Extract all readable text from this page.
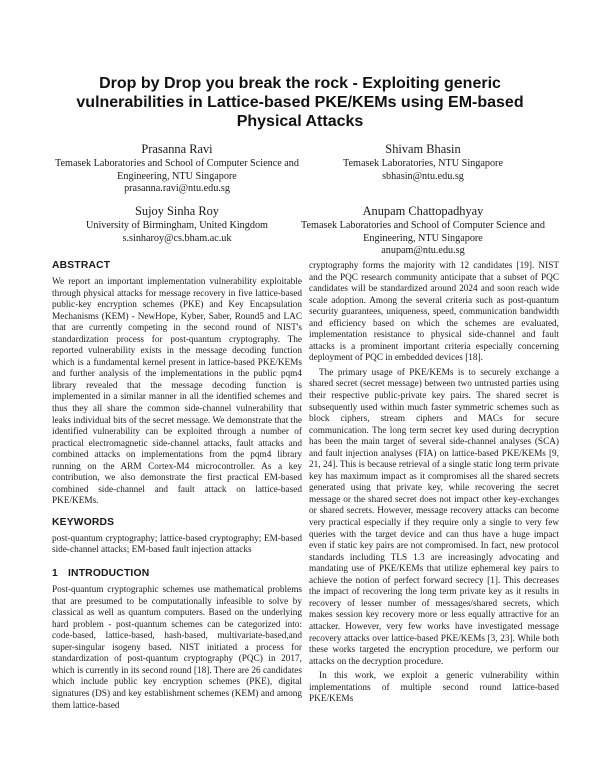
Drop by Drop you break the rock - Exploiting generic vulnerabilities in Lattice-based PKE/KEMs using EM-based Physical Attacks
Prasanna Ravi
Temasek Laboratories and School of Computer Science and Engineering, NTU Singapore
prasanna.ravi@ntu.edu.sg
Shivam Bhasin
Temasek Laboratories, NTU Singapore
sbhasin@ntu.edu.sg
Sujoy Sinha Roy
University of Birmingham, United Kingdom
s.sinharoy@cs.bham.ac.uk
Anupam Chattopadhyay
Temasek Laboratories and School of Computer Science and Engineering, NTU Singapore
anupam@ntu.edu.sg
ABSTRACT

We report an important implementation vulnerability exploitable through physical attacks for message recovery in five lattice-based public-key encryption schemes (PKE) and Key Encapsulation Mechanisms (KEM) - NewHope, Kyber, Saber, Round5 and LAC that are currently competing in the second round of NIST's standardization process for post-quantum cryptography. The reported vulnerability exists in the message decoding function which is a fundamental kernel present in lattice-based PKE/KEMs and further analysis of the implementations in the public pqm4 library revealed that the message decoding function is implemented in a similar manner in all the identified schemes and thus they all share the common side-channel vulnerability that leaks individual bits of the secret message. We demonstrate that the identified vulnerability can be exploited through a number of practical electromagnetic side-channel attacks, fault attacks and combined attacks on implementations from the pqm4 library running on the ARM Cortex-M4 microcontroller. As a key contribution, we also demonstrate the first practical EM-based combined side-channel and fault attack on lattice-based PKE/KEMs.

KEYWORDS

post-quantum cryptography; lattice-based cryptography; EM-based side-channel attacks; EM-based fault injection attacks

1 INTRODUCTION

Post-quantum cryptographic schemes use mathematical problems that are presumed to be computationally infeasible to solve by classical as well as quantum computers. Based on the underlying hard problem - post-quantum schemes can be categorized into: code-based, lattice-based, hash-based, multivariate-based,and super-singular isogeny based. NIST initiated a process for standardization of post-quantum cryptography (PQC) in 2017, which is currently in its second round [18]. There are 26 candidates which include public key encryption schemes (PKE), digital signatures (DS) and key establishment schemes (KEM) and among them lattice-based

cryptography forms the majority with 12 candidates [19]. NIST and the PQC research community anticipate that a subset of PQC candidates will be standardized around 2024 and soon reach wide scale adoption. Among the several criteria such as post-quantum security guarantees, uniqueness, speed, communication bandwidth and efficiency based on which the schemes are evaluated, implementation resistance to physical side-channel and fault attacks is a prominent important criteria especially concerning deployment of PQC in embedded devices [18].

The primary usage of PKE/KEMs is to securely exchange a shared secret (secret message) between two untrusted parties using their respective public-private key pairs. The shared secret is subsequently used within much faster symmetric schemes such as block ciphers, stream ciphers and MACs for secure communication. The long term secret key used during decryption has been the main target of several side-channel analyses (SCA) and fault injection analyses (FIA) on lattice-based PKE/KEMs [9, 21, 24]. This is because retrieval of a single static long term private key has maximum impact as it compromises all the shared secrets generated using that private key, while recovering the secret message or the shared secret does not impact other key-exchanges or shared secrets. However, message recovery attacks can become very practical especially if they require only a single to very few queries with the target device and can thus have a huge impact even if static key pairs are not compromised. In fact, new protocol standards including TLS 1.3 are increasingly advocating and mandating use of PKE/KEMs that utilize ephemeral key pairs to achieve the notion of perfect forward secrecy [1]. This decreases the impact of recovering the long term private key as it results in recovery of lesser number of messages/shared secrets, which makes session key recovery more or less equally attractive for an attacker. However, very few works have investigated message recovery attacks over lattice-based PKE/KEMs [3, 23]. While both these works targeted the encryption procedure, we perform our attacks on the decryption procedure.

In this work, we exploit a generic vulnerability within implementations of multiple second round lattice-based PKE/KEMs
